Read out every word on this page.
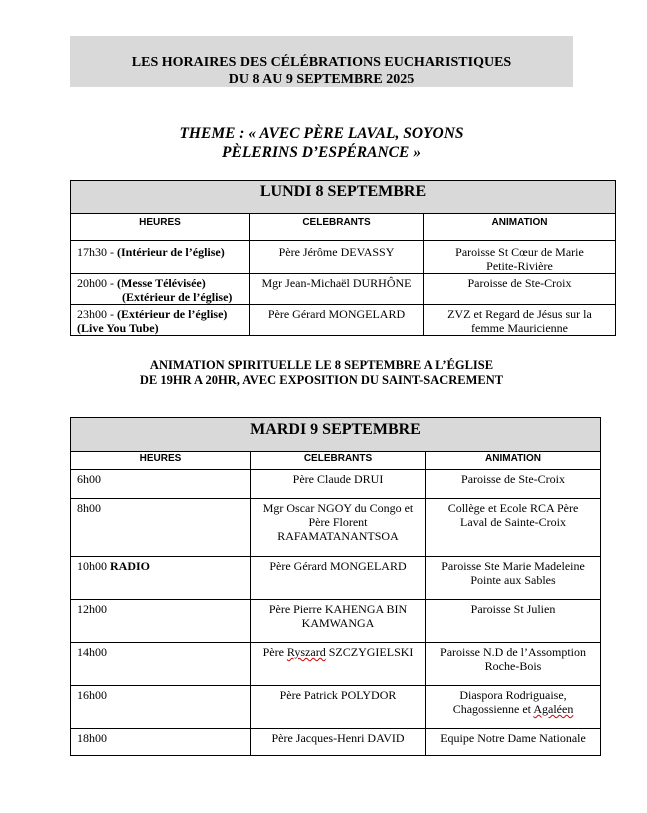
LES HORAIRES DES CÉLÉBRATIONS EUCHARISTIQUES
DU 8 AU 9 SEPTEMBRE 2025
THEME : « AVEC PÈRE LAVAL, SOYONS
PÈLERINS D’ESPÉRANCE »
LUNDI 8 SEPTEMBRE		
HEURES	CELEBRANTS	ANIMATION
17h30 - (Intérieur de l’église)	Père Jérôme DEVASSY	Paroisse St Cœur de Marie
Petite-Rivière
20h00 - (Messe Télévisée)
(Extérieur de l’église)	Mgr Jean-Michaël DURHÔNE	Paroisse de Ste-Croix
23h00 - (Extérieur de l’église)
(Live You Tube)	Père Gérard MONGELARD	ZVZ et Regard de Jésus sur la
femme Mauricienne
ANIMATION SPIRITUELLE LE 8 SEPTEMBRE A L’ÉGLISE
DE 19HR A 20HR, AVEC EXPOSITION DU SAINT-SACREMENT
MARDI 9 SEPTEMBRE		
HEURES	CELEBRANTS	ANIMATION
6h00	Père Claude DRUI	Paroisse de Ste-Croix
8h00	Mgr Oscar NGOY du Congo et
Père Florent
RAFAMATANANTSOA	Collège et Ecole RCA Père
Laval de Sainte-Croix
10h00 RADIO	Père Gérard MONGELARD	Paroisse Ste Marie Madeleine
Pointe aux Sables
12h00	Père Pierre KAHENGA BIN
KAMWANGA	Paroisse St Julien
14h00	Père Ryszard SZCZYGIELSKI	Paroisse N.D de l’Assomption
Roche-Bois
16h00	Père Patrick POLYDOR	Diaspora Rodriguaise,
Chagossienne et Agaléen
18h00	Père Jacques-Henri DAVID	Equipe Notre Dame Nationale
